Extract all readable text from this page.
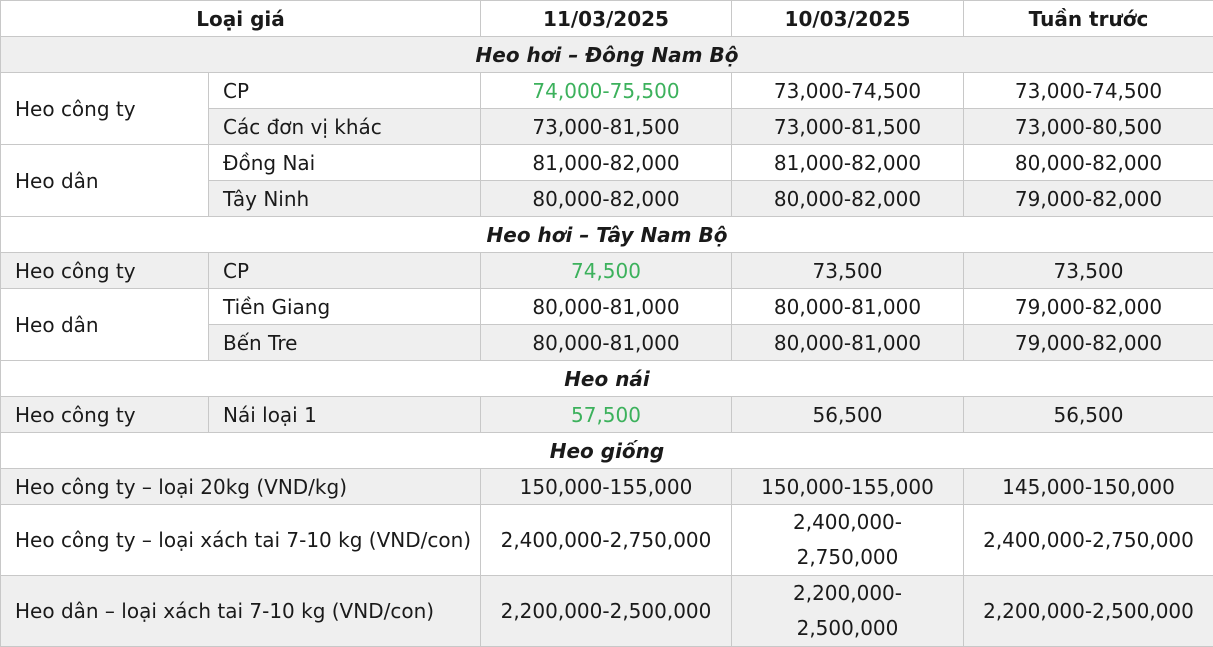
Loại giá		11/03/2025	10/03/2025	Tuần trước
Heo hơi – Đông Nam Bộ				
Heo công ty	CP	74,000-75,500	73,000-74,500	73,000-74,500
	Các đơn vị khác	73,000-81,500	73,000-81,500	73,000-80,500
Heo dân	Đồng Nai	81,000-82,000	81,000-82,000	80,000-82,000
	Tây Ninh	80,000-82,000	80,000-82,000	79,000-82,000
Heo hơi – Tây Nam Bộ				
Heo công ty	CP	74,500	73,500	73,500
Heo dân	Tiền Giang	80,000-81,000	80,000-81,000	79,000-82,000
	Bến Tre	80,000-81,000	80,000-81,000	79,000-82,000
Heo nái				
Heo công ty	Nái loại 1	57,500	56,500	56,500
Heo giống				
Heo công ty – loại 20kg (VND/kg)		150,000-155,000	150,000-155,000	145,000-150,000
Heo công ty – loại xách tai 7-10 kg (VND/con)		2,400,000-2,750,000	2,400,000-2,750,000	2,400,000-2,750,000
Heo dân – loại xách tai 7-10 kg (VND/con)		2,200,000-2,500,000	2,200,000-2,500,000	2,200,000-2,500,000
